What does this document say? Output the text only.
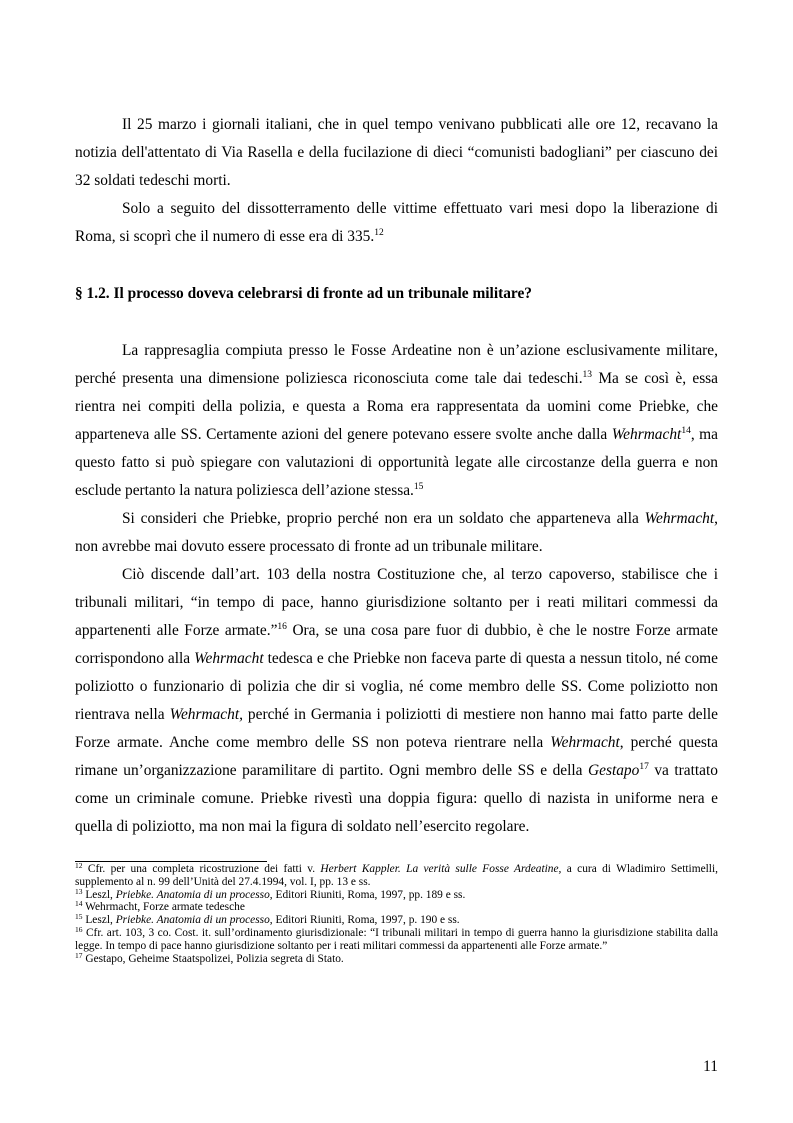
Il 25 marzo i giornali italiani, che in quel tempo venivano pubblicati alle ore 12, recavano la notizia dell'attentato di Via Rasella e della fucilazione di dieci “comunisti badogliani” per ciascuno dei 32 soldati tedeschi morti.

Solo a seguito del dissotterramento delle vittime effettuato vari mesi dopo la liberazione di Roma, si scoprì che il numero di esse era di 335.12

§ 1.2. Il processo doveva celebrarsi di fronte ad un tribunale militare?

La rappresaglia compiuta presso le Fosse Ardeatine non è un’azione esclusivamente militare, perché presenta una dimensione poliziesca riconosciuta come tale dai tedeschi.$^{13}$ Ma se così è, essa rientra nei compiti della polizia, e questa a Roma era rappresentata da uomini come Priebke, che apparteneva alle SS. Certamente azioni del genere potevano essere svolte anche dalla Wehrmacht$^{14}$, ma questo fatto si può spiegare con valutazioni di opportunità legate alle circostanze della guerra e non esclude pertanto la natura poliziesca dell’azione stessa.$^{15}$

Si consideri che Priebke, proprio perché non era un soldato che apparteneva alla Wehrmacht, non avrebbe mai dovuto essere processato di fronte ad un tribunale militare.

Ciò discende dall’art. 103 della nostra Costituzione che, al terzo capoverso, stabilisce che i tribunali militari, “in tempo di pace, hanno giurisdizione soltanto per i reati militari commessi da appartenenti alle Forze armate.”$^{16}$ Ora, se una cosa pare fuor di dubbio, è che le nostre Forze armate corrispondono alla Wehrmacht tedesca e che Priebke non faceva parte di questa a nessun titolo, né come poliziotto o funzionario di polizia che dir si voglia, né come membro delle SS. Come poliziotto non rientrava nella Wehrmacht, perché in Germania i poliziotti di mestiere non hanno mai fatto parte delle Forze armate. Anche come membro delle SS non poteva rientrare nella Wehrmacht, perché questa rimane un’organizzazione paramilitare di partito. Ogni membro delle SS e della Gestapo$^{17}$ va trattato come un criminale comune. Priebke rivestì una doppia figura: quello di nazista in uniforme nera e quella di poliziotto, ma non mai la figura di soldato nell’esercito regolare.

$^{12}$ Cfr. per una completa ricostruzione dei fatti v. Herbert Kappler. La verità sulle Fosse Ardeatine, a cura di Wladimiro Settimelli, supplemento al n. 99 dell’Unità del 27.4.1994, vol. I, pp. 13 e ss.

$^{13}$ Leszl, Priebke. Anatomia di un processo, Editori Riuniti, Roma, 1997, pp. 189 e ss.

$^{14}$ Wehrmacht, Forze armate tedesche

$^{15}$ Leszl, Priebke. Anatomia di un processo, Editori Riuniti, Roma, 1997, p. 190 e ss.

$^{16}$ Cfr. art. 103, 3 co. Cost. it. sull’ordinamento giurisdizionale: “I tribunali militari in tempo di guerra hanno la giurisdizione stabilita dalla legge. In tempo di pace hanno giurisdizione soltanto per i reati militari commessi da appartenenti alle Forze armate.”

$^{17}$ Gestapo, Geheime Staatspolizei, Polizia segreta di Stato.

11
